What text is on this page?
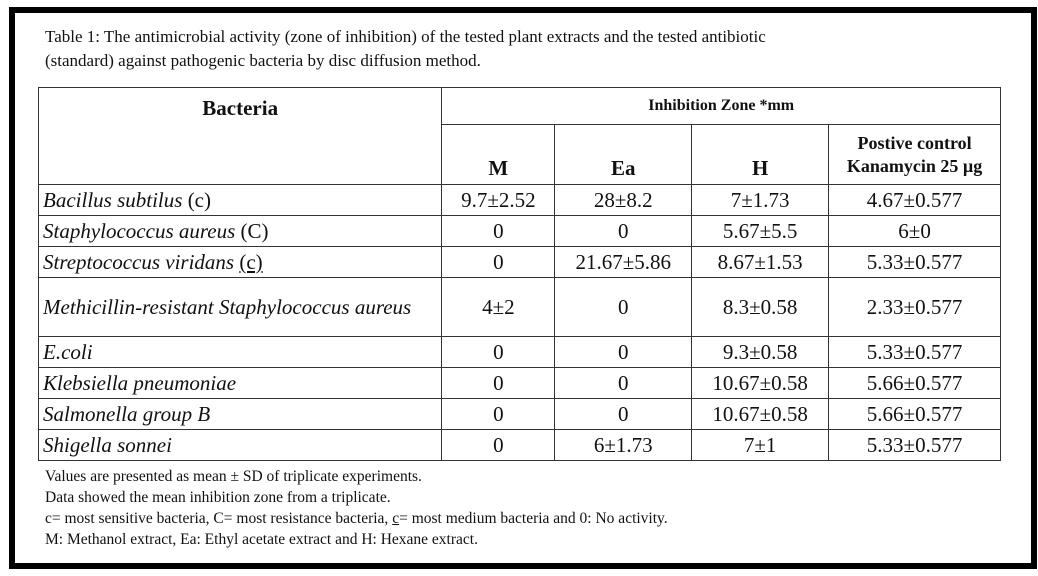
Table 1: The antimicrobial activity (zone of inhibition) of the tested plant extracts and the tested antibiotic
(standard) against pathogenic bacteria by disc diffusion method.
Bacteria	Inhibition Zone *mm			
	M	Ea	H	Postive control
Kanamycin 25 µg

Bacillus subtilus (c)	9.7±2.52	28±8.2	7±1.73	4.67±0.577
Staphylococcus aureus (C)	0	0	5.67±5.5	6±0
Streptococcus viridans (c)	0	21.67±5.86	8.67±1.53	5.33±0.577
Methicillin-resistant Staphylococcus aureus	4±2	0	8.3±0.58	2.33±0.577
E.coli	0	0	9.3±0.58	5.33±0.577
Klebsiella pneumoniae	0	0	10.67±0.58	5.66±0.577
Salmonella group B	0	0	10.67±0.58	5.66±0.577
Shigella sonnei	0	6±1.73	7±1	5.33±0.577
Values are presented as mean ± SD of triplicate experiments.
Data showed the mean inhibition zone from a triplicate.
c= most sensitive bacteria, C= most resistance bacteria, c= most medium bacteria and 0: No activity.
M: Methanol extract, Ea: Ethyl acetate extract and H: Hexane extract.
